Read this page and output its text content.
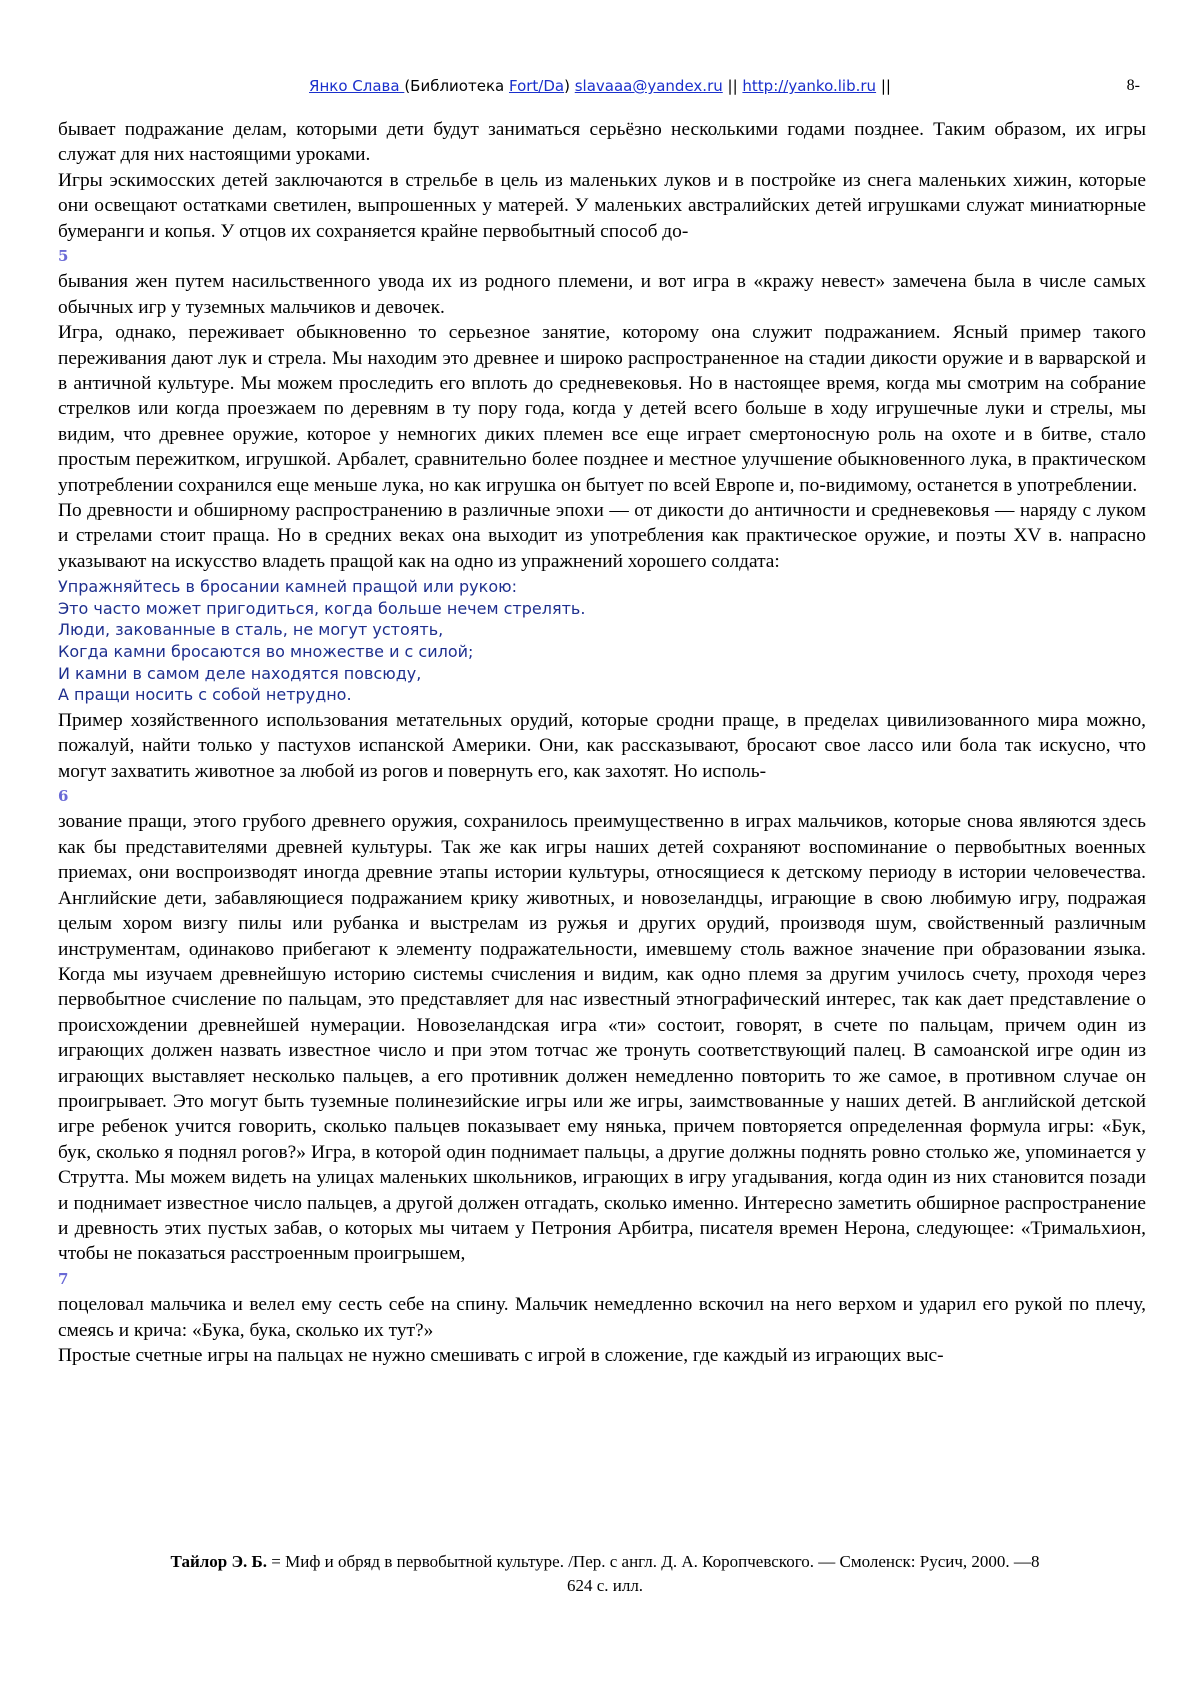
Янко Слава (Библиотека Fort/Da) slavaaa@yandex.ru || http://yanko.lib.ru ||	8-

бывает подражание делам, которыми дети будут заниматься серьёзно несколькими годами позднее. Таким образом, их игры служат для них настоящими уроками.

Игры эскимосских детей заключаются в стрельбе в цель из маленьких луков и в постройке из снега маленьких хижин, которые они освещают остатками светилен, выпрошенных у матерей. У маленьких австралийских детей игрушками служат миниатюрные бумеранги и копья. У отцов их сохраняется крайне первобытный способ до-

5

бывания жен путем насильственного увода их из родного племени, и вот игра в «кражу невест» замечена была в числе самых обычных игр у туземных мальчиков и девочек.

Игра, однако, переживает обыкновенно то серьезное занятие, которому она служит подражанием. Ясный пример такого переживания дают лук и стрела. Мы находим это древнее и широко распространенное на стадии дикости оружие и в варварской и в античной культуре. Мы можем проследить его вплоть до средневековья. Но в настоящее время, когда мы смотрим на собрание стрелков или когда проезжаем по деревням в ту пору года, когда у детей всего больше в ходу игрушечные луки и стрелы, мы видим, что древнее оружие, которое у немногих диких племен все еще играет смертоносную роль на охоте и в битве, стало простым пережитком, игрушкой. Арбалет, сравнительно более позднее и местное улучшение обыкновенного лука, в практическом употреблении сохранился еще меньше лука, но как игрушка он бытует по всей Европе и, по-видимому, останется в употреблении.

По древности и обширному распространению в различные эпохи — от дикости до античности и средневековья — наряду с луком и стрелами стоит праща. Но в средних веках она выходит из употребления как практическое оружие, и поэты XV в. напрасно указывают на искусство владеть пращой как на одно из упражнений хорошего солдата:

Упражняйтесь в бросании камней пращой или рукою:
Это часто может пригодиться, когда больше нечем стрелять.
Люди, закованные в сталь, не могут устоять,
Когда камни бросаются во множестве и с силой;
И камни в самом деле находятся повсюду,
А пращи носить с собой нетрудно.

Пример хозяйственного использования метательных орудий, которые сродни праще, в пределах цивилизованного мира можно, пожалуй, найти только у пастухов испанской Америки. Они, как рассказывают, бросают свое лассо или бола так искусно, что могут захватить животное за любой из рогов и повернуть его, как захотят. Но исполь-

6

зование пращи, этого грубого древнего оружия, сохранилось преимущественно в играх мальчиков, которые снова являются здесь как бы представителями древней культуры. Так же как игры наших детей сохраняют воспоминание о первобытных военных приемах, они воспроизводят иногда древние этапы истории культуры, относящиеся к детскому периоду в истории человечества. Английские дети, забавляющиеся подражанием крику животных, и новозеландцы, играющие в свою любимую игру, подражая целым хором визгу пилы или рубанка и выстрелам из ружья и других орудий, производя шум, свойственный различным инструментам, одинаково прибегают к элементу подражательности, имевшему столь важное значение при образовании языка. Когда мы изучаем древнейшую историю системы счисления и видим, как одно племя за другим училось счету, проходя через первобытное счисление по пальцам, это представляет для нас известный этнографический интерес, так как дает представление о происхождении древнейшей нумерации. Новозеландская игра «ти» состоит, говорят, в счете по пальцам, причем один из играющих должен назвать известное число и при этом тотчас же тронуть соответствующий палец. В самоанской игре один из играющих выставляет несколько пальцев, а его противник должен немедленно повторить то же самое, в противном случае он проигрывает. Это могут быть туземные полинезийские игры или же игры, заимствованные у наших детей. В английской детской игре ребенок учится говорить, сколько пальцев показывает ему нянька, причем повторяется определенная формула игры: «Бук, бук, сколько я поднял рогов?» Игра, в которой один поднимает пальцы, а другие должны поднять ровно столько же, упоминается у Струтта. Мы можем видеть на улицах маленьких школьников, играющих в игру угадывания, когда один из них становится позади и поднимает известное число пальцев, а другой должен отгадать, сколько именно. Интересно заметить обширное распространение и древность этих пустых забав, о которых мы читаем у Петрония Арбитра, писателя времен Нерона, следующее: «Тримальхион, чтобы не показаться расстроенным проигрышем,

7

поцеловал мальчика и велел ему сесть себе на спину. Мальчик немедленно вскочил на него верхом и ударил его рукой по плечу, смеясь и крича: «Бука, бука, сколько их тут?»

Простые счетные игры на пальцах не нужно смешивать с игрой в сложение, где каждый из играющих выс-

Тайлор Э. Б. = Миф и обряд в первобытной культуре. /Пер. с англ. Д. А. Коропчевского. — Смоленск: Русич, 2000. —8
624 с. илл.
